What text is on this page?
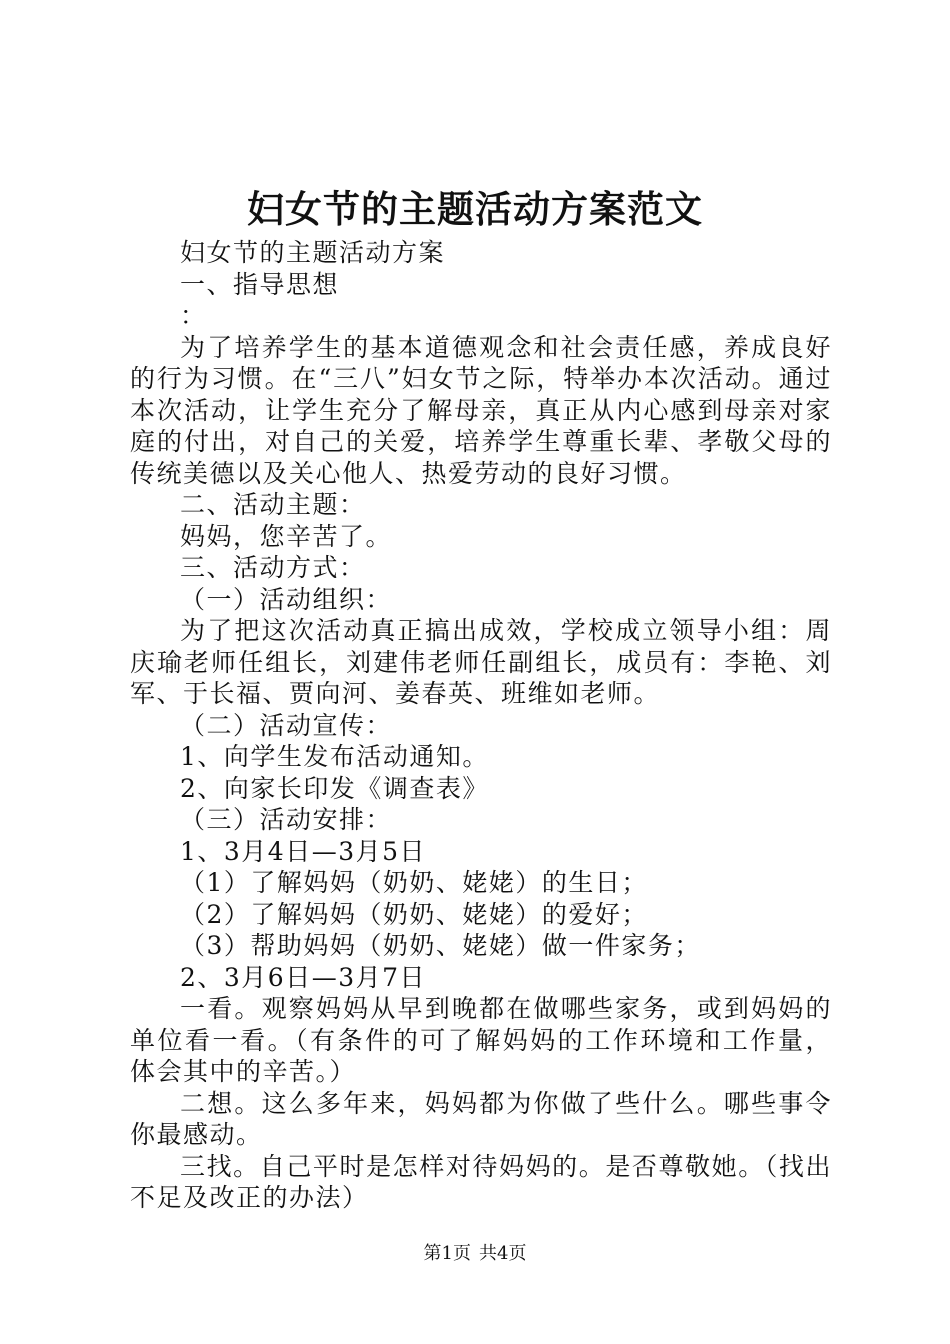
妇女节的主题活动方案范文

妇女节的主题活动方案

一、指导思想

：

为了培养学生的基本道德观念和社会责任感，养成良好的行为习惯。在“三八”妇女节之际，特举办本次活动。通过本次活动，让学生充分了解母亲，真正从内心感到母亲对家庭的付出，对自己的关爱，培养学生尊重长辈、孝敬父母的传统美德以及关心他人、热爱劳动的良好习惯。

二、活动主题：

妈妈，您辛苦了。

三、活动方式：

（一）活动组织：

为了把这次活动真正搞出成效，学校成立领导小组：周庆瑜老师任组长，刘建伟老师任副组长，成员有：李艳、刘军、于长福、贾向河、姜春英、班维如老师。

（二）活动宣传：

1、向学生发布活动通知。

2、向家长印发《调查表》

（三）活动安排：

1、3月4日—3月5日

（1）了解妈妈（奶奶、姥姥）的生日；

（2）了解妈妈（奶奶、姥姥）的爱好；

（3）帮助妈妈（奶奶、姥姥）做一件家务；

2、3月6日—3月7日

一看。观察妈妈从早到晚都在做哪些家务，或到妈妈的单位看一看。（有条件的可了解妈妈的工作环境和工作量，体会其中的辛苦。）

二想。这么多年来，妈妈都为你做了些什么。哪些事令你最感动。

三找。自己平时是怎样对待妈妈的。是否尊敬她。（找出不足及改正的办法）

第1页 共4页
